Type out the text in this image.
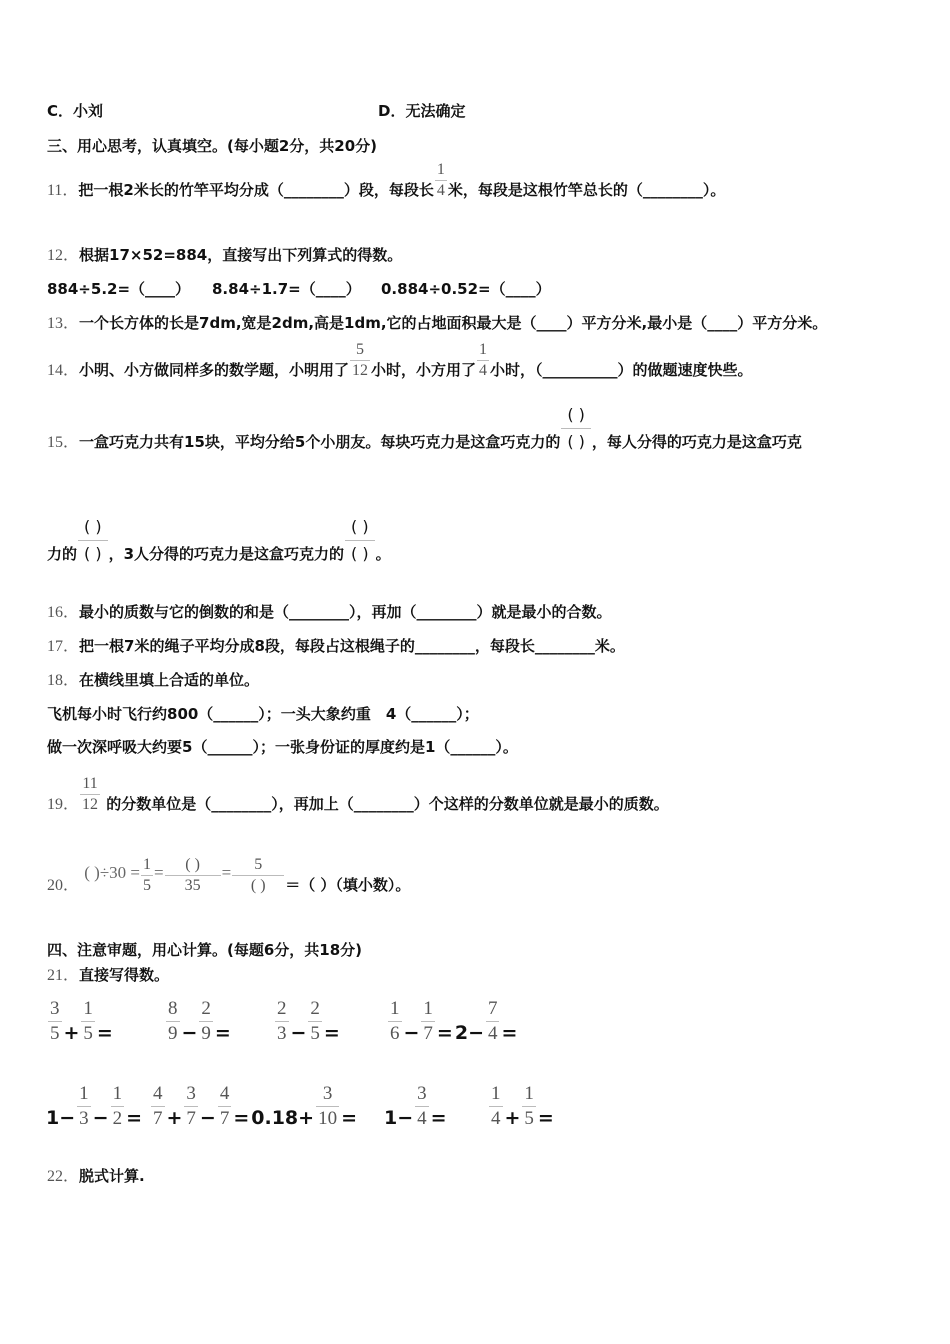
C．小刘	D．无法确定
三、用心思考，认真填空。(每小题2分，共20分)
11．把一根2米长的竹竿平均分成（________）段，每段长 $\frac{1}{4}$ 米，每段是这根竹竿总长的（________）。
12．根据17×52=884，直接写出下列算式的得数。
884÷5.2=（____） 8.84÷1.7=（____） 0.884÷0.52=（____）
13．一个长方体的长是7dm,宽是2dm,高是1dm,它的占地面积最大是（____）平方分米,最小是（____）平方分米。
14．小明、小方做同样多的数学题，小明用了 $\frac{5}{12}$ 小时，小方用了 $\frac{1}{4}$ 小时，（__________）的做题速度快些。
15．一盒巧克力共有15块，平均分给5个小朋友。每块巧克力是这盒巧克力的 $\frac{( )}{( )}$ ，每人分得的巧克力是这盒巧克
力的 $\frac{( )}{( )}$ ，3人分得的巧克力是这盒巧克力的 $\frac{( )}{( )}$ 。
16．最小的质数与它的倒数的和是（________），再加（________）就是最小的合数。
17．把一根7米的绳子平均分成8段，每段占这根绳子的________，每段长________米。
18．在横线里填上合适的单位。
飞机每小时飞行约800（______）；一头大象约重　4（______）；
做一次深呼吸大约要5（______）；一张身份证的厚度约是1（______）。
19． $\frac{11}{12}$ 的分数单位是（________），再加上（________）个这样的分数单位就是最小的质数。
20． ( )$\div 30 = \frac{1}{5} = \frac{( )}{35} = \frac{5}{( )}$ ＝（ ）（填小数）。
四、注意审题，用心计算。(每题6分，共18分)
21．直接写得数。
$\frac{3}{5} + \frac{1}{5}$ =	$\frac{8}{9} - \frac{2}{9} = \frac{2}{3} - \frac{2}{5}$ =	$\frac{1}{6} - \frac{1}{7} = 2- \frac{7}{4}$ =
$1- \frac{1}{3} - \frac{1}{2} = \frac{4}{7} + \frac{3}{7} - \frac{4}{7} = 0.18+ \frac{3}{10} = 1- \frac{3}{4} = \frac{1}{4} + \frac{1}{5}$ =
22．脱式计算.
